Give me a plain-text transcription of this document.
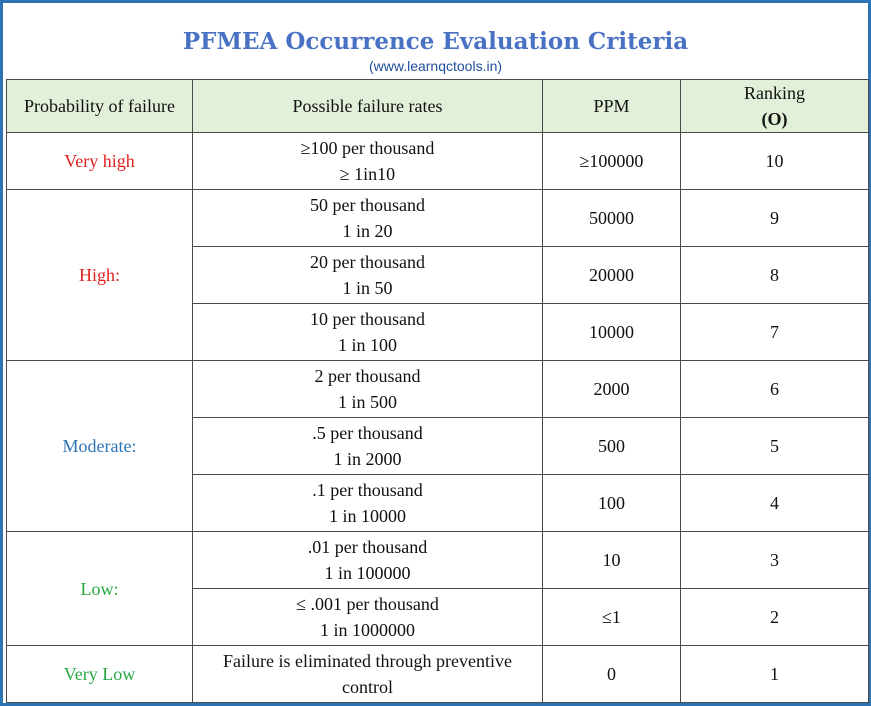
PFMEA Occurrence Evaluation Criteria
(www.learnqctools.in)
Probability of failure	Possible failure rates	PPM	Ranking
(O)

Very high	≥100 per thousand
≥ 1in10	≥100000	10
High:	50 per thousand
1 in 20	50000	9

	20 per thousand
1 in 50	20000	8

	10 per thousand
1 in 100	10000	7
Moderate:	2 per thousand
1 in 500	2000	6

	.5 per thousand
1 in 2000	500	5

	.1 per thousand
1 in 10000	100	4
Low:	.01 per thousand
1 in 100000	10	3

	≤ .001 per thousand
1 in 1000000	≤1	2
Very Low	Failure is eliminated through preventive
control	0	1
